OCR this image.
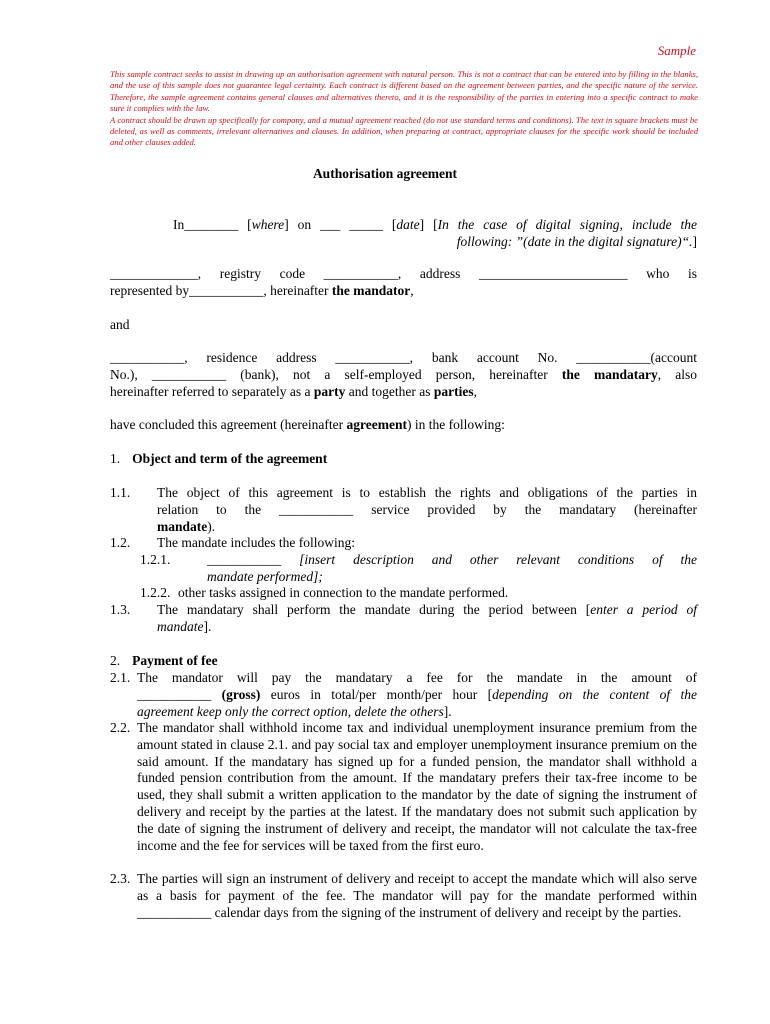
Sample

This sample contract seeks to assist in drawing up an authorisation agreement with natural person. This is not a contract that can be entered into by filling in the blanks, and the use of this sample does not guarantee legal certainty. Each contract is different based on the agreement between parties, and the specific nature of the service. Therefore, the sample agreement contains general clauses and alternatives thereto, and it is the responsibility of the parties in entering into a specific contract to make sure it complies with the law.

A contract should be drawn up specifically for company, and a mutual agreement reached (do not use standard terms and conditions). The text in square brackets must be deleted, as well as comments, irrelevant alternatives and clauses. In addition, when preparing at contract, appropriate clauses for the specific work should be included and other clauses added.

Authorisation agreement
In________ [where] on ___ _____ [date] [In the case of digital signing, include the
following: ”(date in the digital signature)“.]
_____________, registry code ___________, address ______________________ who is
represented by___________, hereinafter the mandator,
and
___________, residence address ___________, bank account No. ___________(account
No.), ___________ (bank), not a self-employed person, hereinafter the mandatary, also
hereinafter referred to separately as a party and together as parties,
have concluded this agreement (hereinafter agreement) in the following:
1. Object and term of the agreement
1.1. The object of this agreement is to establish the rights and obligations of the parties in
relation to the ___________ service provided by the mandatary (hereinafter
mandate).
1.2. The mandate includes the following:
1.2.1.	___________ [insert description and other relevant conditions of the
mandate performed];
1.2.2. other tasks assigned in connection to the mandate performed.
1.3. The mandatary shall perform the mandate during the period between [enter a period of
mandate].
2. Payment of fee
2.1. The mandator will pay the mandatary a fee for the mandate in the amount of
___________ (gross) euros in total/per month/per hour [depending on the content of the
agreement keep only the correct option, delete the others].
2.2. The mandator shall withhold income tax and individual unemployment insurance premium from the amount stated in clause 2.1. and pay social tax and employer unemployment insurance premium on the said amount. If the mandatary has signed up for a funded pension, the mandator shall withhold a funded pension contribution from the amount. If the mandatary prefers their tax-free income to be used, they shall submit a written application to the mandator by the date of signing the instrument of delivery and receipt by the parties at the latest. If the mandatary does not submit such application by the date of signing the instrument of delivery and receipt, the mandator will not calculate the tax-free income and the fee for services will be taxed from the first euro.
2.3. The parties will sign an instrument of delivery and receipt to accept the mandate which will also serve as a basis for payment of the fee. The mandator will pay for the mandate performed within ___________ calendar days from the signing of the instrument of delivery and receipt by the parties.
